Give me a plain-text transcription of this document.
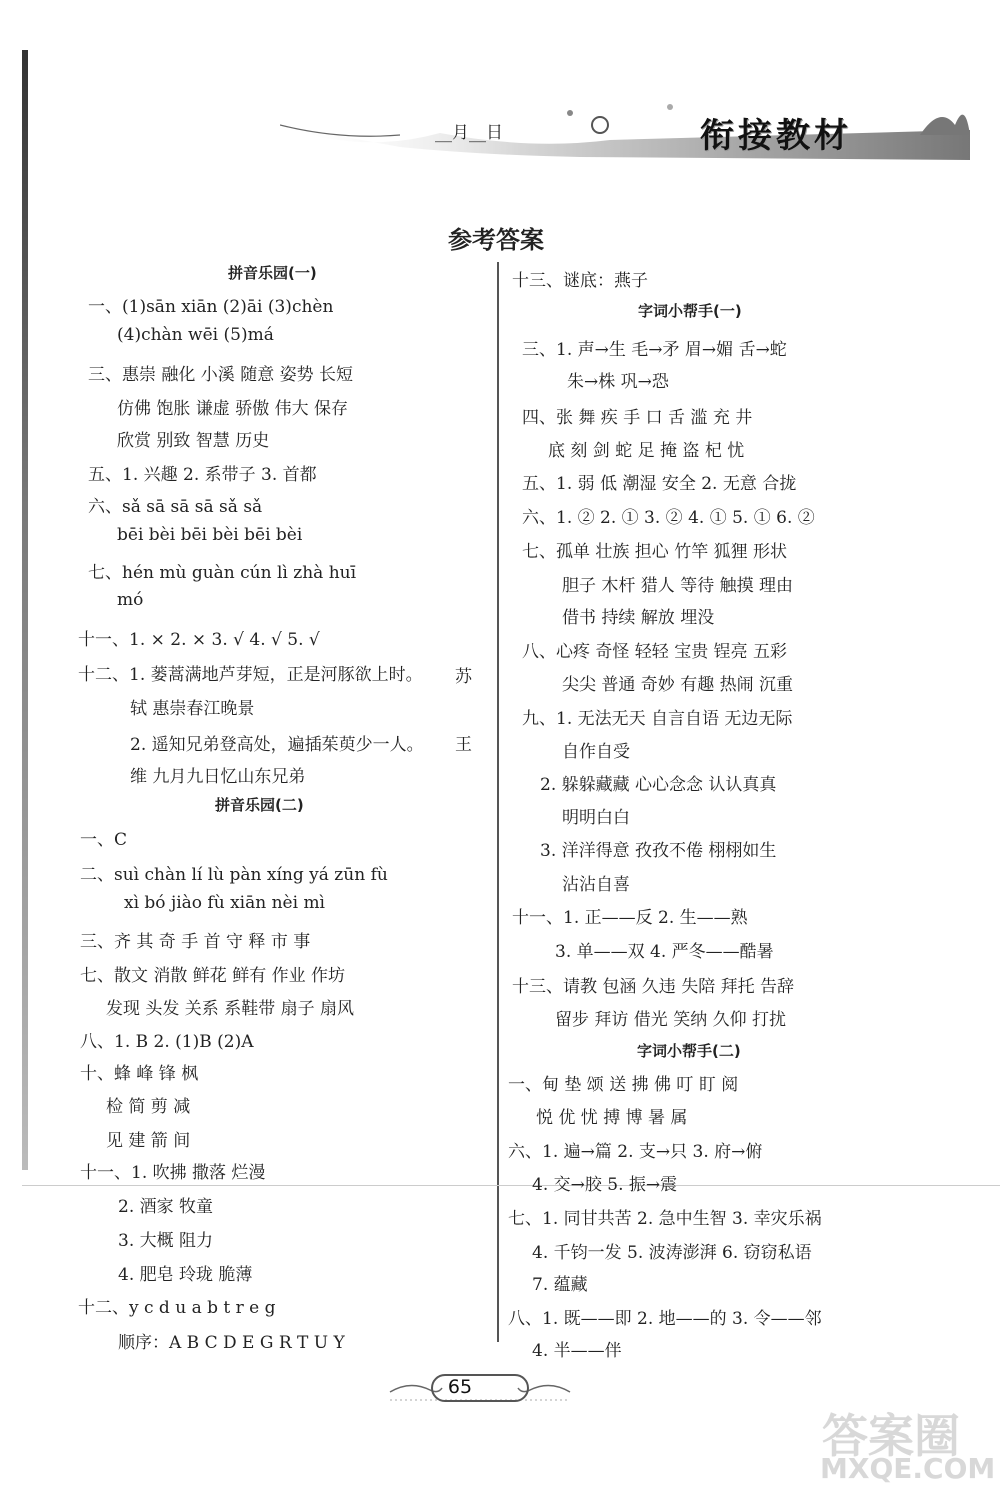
__月__日	衔接教材
参考答案
拼音乐园(一)
一、(1)sān xiān (2)āi (3)chèn
(4)chàn wēi (5)má
三、惠崇 融化 小溪 随意 姿势 长短
仿佛 饱胀 谦虚 骄傲 伟大 保存
欣赏 别致 智慧 历史
五、1. 兴趣 2. 系带子 3. 首都
六、sǎ sā sā sā sǎ sǎ
bēi bèi bēi bèi bēi bèi
七、hén mù guàn cún lì zhà huī
mó
十一、1. × 2. × 3. √ 4. √ 5. √
十二、1. 蒌蒿满地芦芽短，正是河豚欲上时。 苏
轼 惠崇春江晚景
2. 遥知兄弟登高处，遍插茱萸少一人。 王
维 九月九日忆山东兄弟
拼音乐园(二)
一、C
二、suì chàn lí lù pàn xíng yá zūn fù
xì bó jiào fù xiān nèi mì
三、齐 其 奇 手 首 守 释 市 事
七、散文 消散 鲜花 鲜有 作业 作坊
发现 头发 关系 系鞋带 扇子 扇风
八、1. B 2. (1)B (2)A
十、蜂 峰 锋 枫
检 简 剪 减
见 建 箭 间
十一、1. 吹拂 撒落 烂漫
2. 酒家 牧童
3. 大概 阻力
4. 肥皂 玲珑 脆薄
十二、y c d u a b t r e g
顺序：A B C D E G R T U Y
十三、谜底：燕子
字词小帮手(一)
三、1. 声→生 毛→矛 眉→媚 舌→蛇
朱→株 巩→恐
四、张 舞 疾 手 口 舌 滥 充 井
底 刻 剑 蛇 足 掩 盗 杞 忧
五、1. 弱 低 潮湿 安全 2. 无意 合拢
六、1. ② 2. ① 3. ② 4. ① 5. ① 6. ②
七、孤单 壮族 担心 竹竿 狐狸 形状
胆子 木杆 猎人 等待 触摸 理由
借书 持续 解放 埋没
八、心疼 奇怪 轻轻 宝贵 锃亮 五彩
尖尖 普通 奇妙 有趣 热闹 沉重
九、1. 无法无天 自言自语 无边无际
自作自受
2. 躲躲藏藏 心心念念 认认真真
明明白白
3. 洋洋得意 孜孜不倦 栩栩如生
沾沾自喜
十一、1. 正——反 2. 生——熟
3. 单——双 4. 严冬——酷暑
十三、请教 包涵 久违 失陪 拜托 告辞
留步 拜访 借光 笑纳 久仰 打扰
字词小帮手(二)
一、甸 垫 颂 送 拂 佛 叮 盯 阅
悦 优 忧 搏 博 暑 属
六、1. 遍→篇 2. 支→只 3. 府→俯
4. 交→胶 5. 振→震
七、1. 同甘共苦 2. 急中生智 3. 幸灾乐祸
4. 千钧一发 5. 波涛澎湃 6. 窃窃私语
7. 蕴藏
八、1. 既——即 2. 地——的 3. 令——邻
4. 半——伴
65
答案圈
MXQE.COM
